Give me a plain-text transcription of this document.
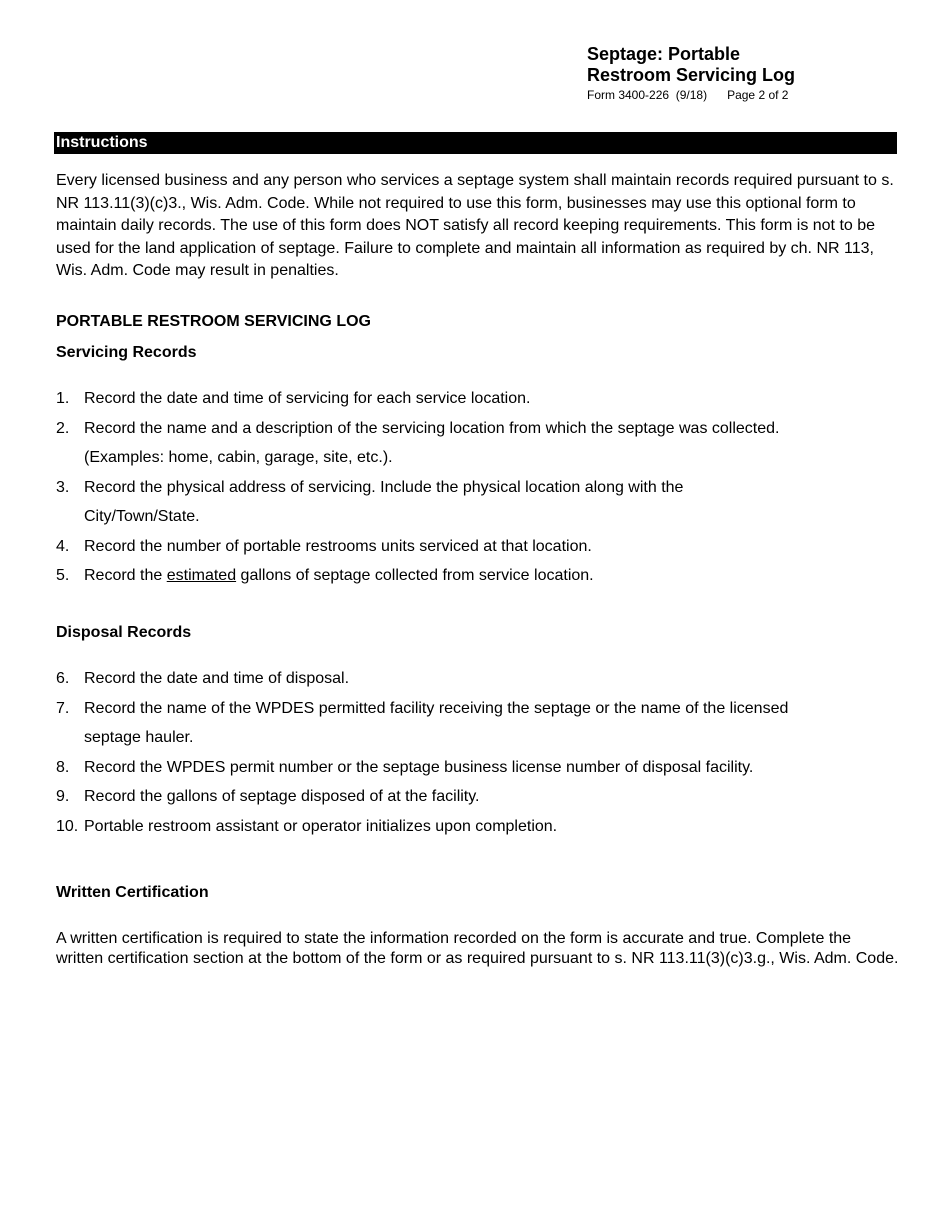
Septage: Portable
Restroom Servicing Log
Form 3400-226  (9/18) Page 2 of 2
Instructions

Every licensed business and any person who services a septage system shall maintain records required pursuant to s. NR 113.11(3)(c)3., Wis. Adm. Code. While not required to use this form, businesses may use this optional form to maintain daily records. The use of this form does NOT satisfy all record keeping requirements. This form is not to be used for the land application of septage. Failure to complete and maintain all information as required by ch. NR 113, Wis. Adm. Code may result in penalties.

PORTABLE RESTROOM SERVICING LOG
Servicing Records
1. Record the date and time of servicing for each service location.
2. Record the name and a description of the servicing location from which the septage was collected. (Examples: home, cabin, garage, site, etc.).
3. Record the physical address of servicing. Include the physical location along with the City/Town/State.
4. Record the number of portable restrooms units serviced at that location.
5. Record the estimated gallons of septage collected from service location.
Disposal Records
6. Record the date and time of disposal.
7. Record the name of the WPDES permitted facility receiving the septage or the name of the licensed septage hauler.
8. Record the WPDES permit number or the septage business license number of disposal facility.
9. Record the gallons of septage disposed of at the facility.
10. Portable restroom assistant or operator initializes upon completion.
Written Certification

A written certification is required to state the information recorded on the form is accurate and true. Complete the written certification section at the bottom of the form or as required pursuant to s. NR 113.11(3)(c)3.g., Wis. Adm. Code.
